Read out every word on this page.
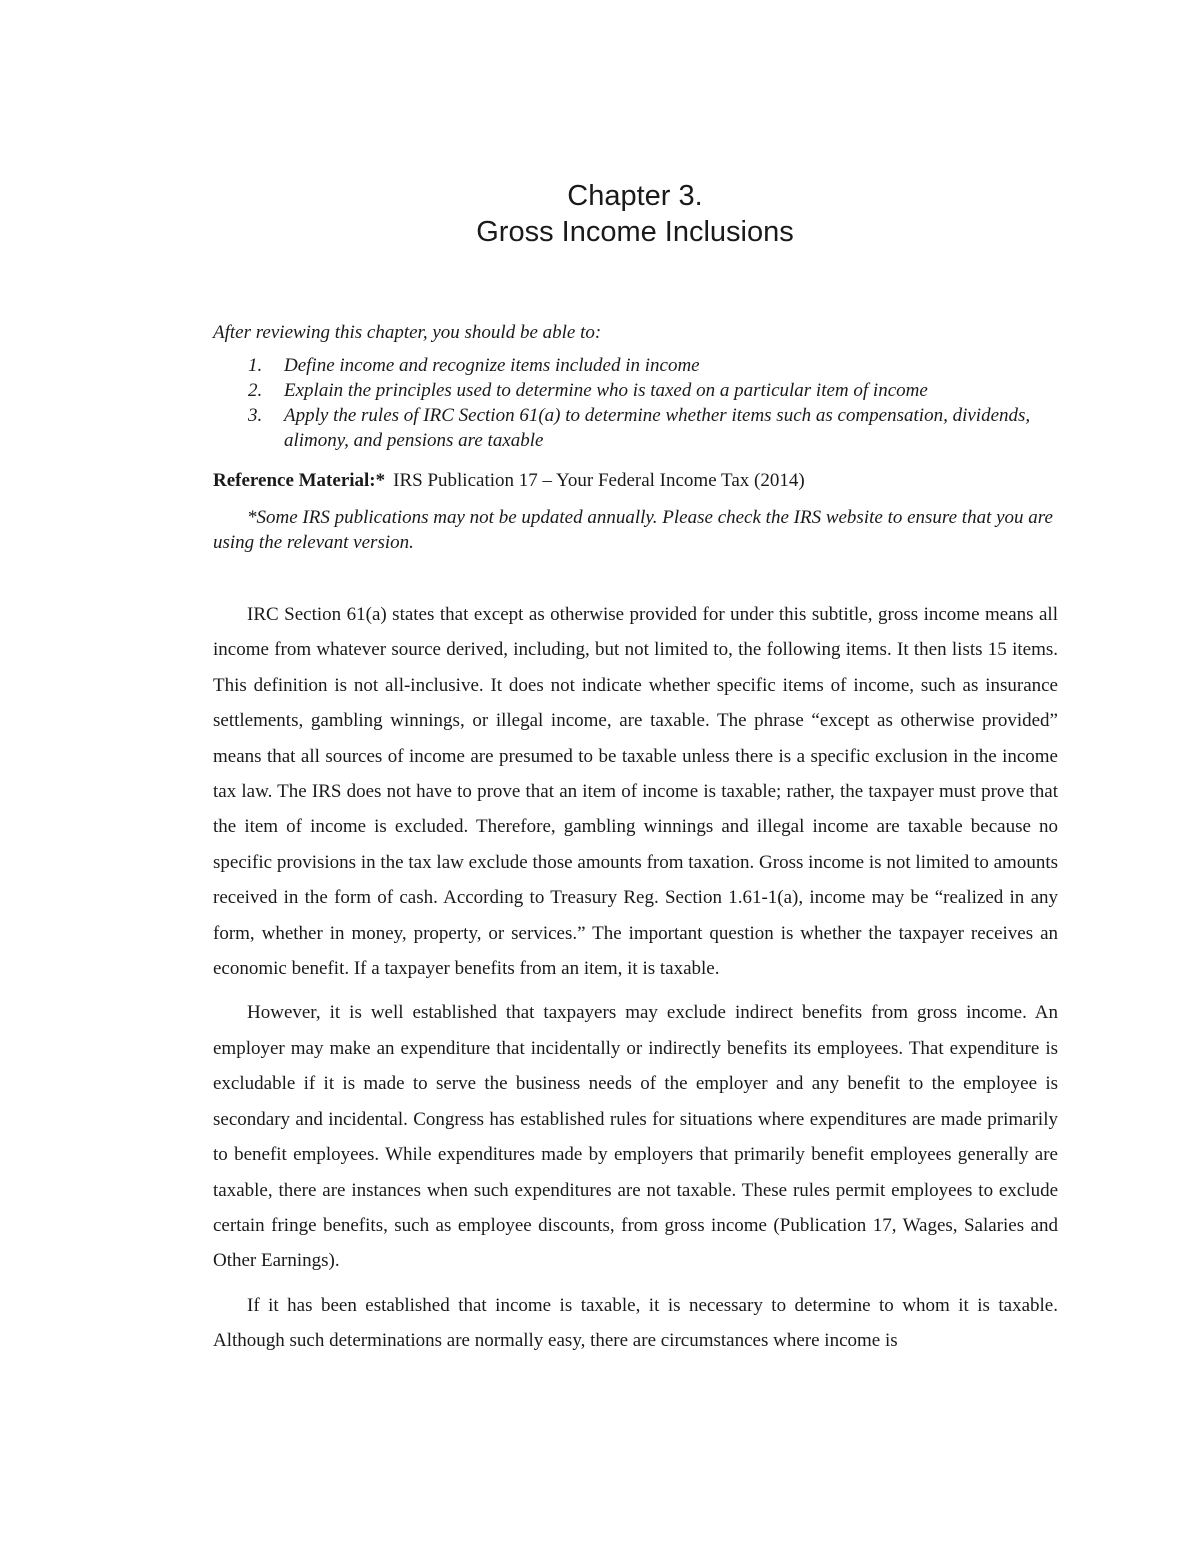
Chapter 3.
Gross Income Inclusions
After reviewing this chapter, you should be able to:
1. Define income and recognize items included in income
2. Explain the principles used to determine who is taxed on a particular item of income
3. Apply the rules of IRC Section 61(a) to determine whether items such as compensation, dividends, alimony, and pensions are taxable
Reference Material:* IRS Publication 17 – Your Federal Income Tax (2014)
*Some IRS publications may not be updated annually. Please check the IRS website to ensure that you are using the relevant version.

IRC Section 61(a) states that except as otherwise provided for under this subtitle, gross income means all income from whatever source derived, including, but not limited to, the following items. It then lists 15 items. This definition is not all-inclusive. It does not indicate whether specific items of income, such as insurance settlements, gambling winnings, or illegal income, are taxable. The phrase “except as otherwise provided” means that all sources of income are presumed to be taxable unless there is a specific exclusion in the income tax law. The IRS does not have to prove that an item of income is taxable; rather, the taxpayer must prove that the item of income is excluded. Therefore, gambling winnings and illegal income are taxable because no specific provisions in the tax law exclude those amounts from taxation. Gross income is not limited to amounts received in the form of cash. According to Treasury Reg. Section 1.61-1(a), income may be “realized in any form, whether in money, property, or services.” The important question is whether the taxpayer receives an economic benefit. If a taxpayer benefits from an item, it is taxable.

However, it is well established that taxpayers may exclude indirect benefits from gross income. An employer may make an expenditure that incidentally or indirectly benefits its employees. That expenditure is excludable if it is made to serve the business needs of the employer and any benefit to the employee is secondary and incidental. Congress has established rules for situations where expenditures are made primarily to benefit employees. While expenditures made by employers that primarily benefit employees generally are taxable, there are instances when such expenditures are not taxable. These rules permit employees to exclude certain fringe benefits, such as employee discounts, from gross income (Publication 17, Wages, Salaries and Other Earnings).

If it has been established that income is taxable, it is necessary to determine to whom it is taxable. Although such determinations are normally easy, there are circumstances where income is
